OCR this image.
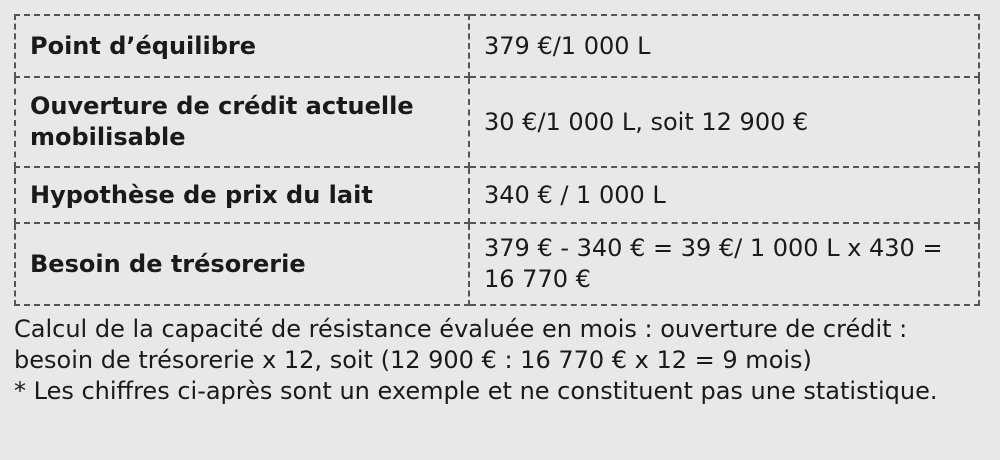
Point d’équilibre	379 €/1 000 L
Ouverture de crédit actuelle mobilisable	30 €/1 000 L, soit 12 900 €
Hypothèse de prix du lait	340 € / 1 000 L
Besoin de trésorerie	379 € - 340 € = 39 €/ 1 000 L x 430 = 16 770 €

Calcul de la capacité de résistance évaluée en mois : ouverture de crédit : besoin de trésorerie x 12, soit (12 900 € : 16 770 € x 12 = 9 mois)

* Les chiffres ci-après sont un exemple et ne constituent pas une statistique.
